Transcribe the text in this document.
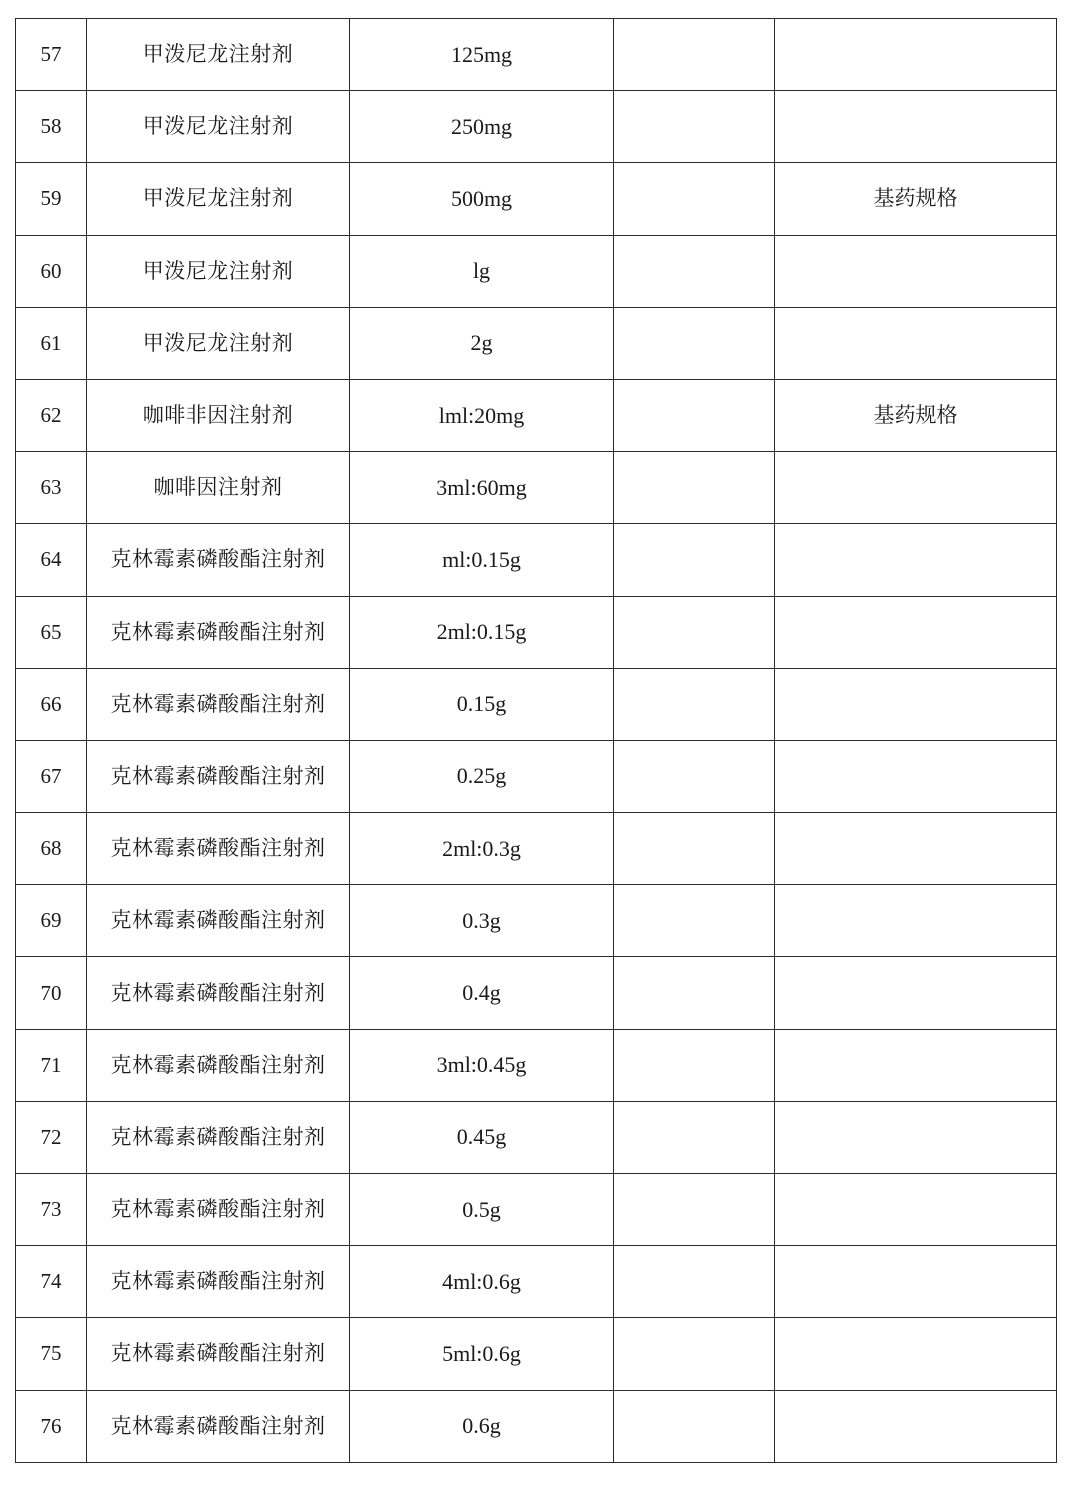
57	甲泼尼龙注射剂	125mg		
58	甲泼尼龙注射剂	250mg		
59	甲泼尼龙注射剂	500mg		基药规格
60	甲泼尼龙注射剂	lg		
61	甲泼尼龙注射剂	2g		
62	咖啡非因注射剂	lml:20mg		基药规格
63	咖啡因注射剂	3ml:60mg		
64	克林霉素磷酸酯注射剂	ml:0.15g		
65	克林霉素磷酸酯注射剂	2ml:0.15g		
66	克林霉素磷酸酯注射剂	0.15g		
67	克林霉素磷酸酯注射剂	0.25g		
68	克林霉素磷酸酯注射剂	2ml:0.3g		
69	克林霉素磷酸酯注射剂	0.3g		
70	克林霉素磷酸酯注射剂	0.4g		
71	克林霉素磷酸酯注射剂	3ml:0.45g		
72	克林霉素磷酸酯注射剂	0.45g		
73	克林霉素磷酸酯注射剂	0.5g		
74	克林霉素磷酸酯注射剂	4ml:0.6g		
75	克林霉素磷酸酯注射剂	5ml:0.6g		
76	克林霉素磷酸酯注射剂	0.6g		
